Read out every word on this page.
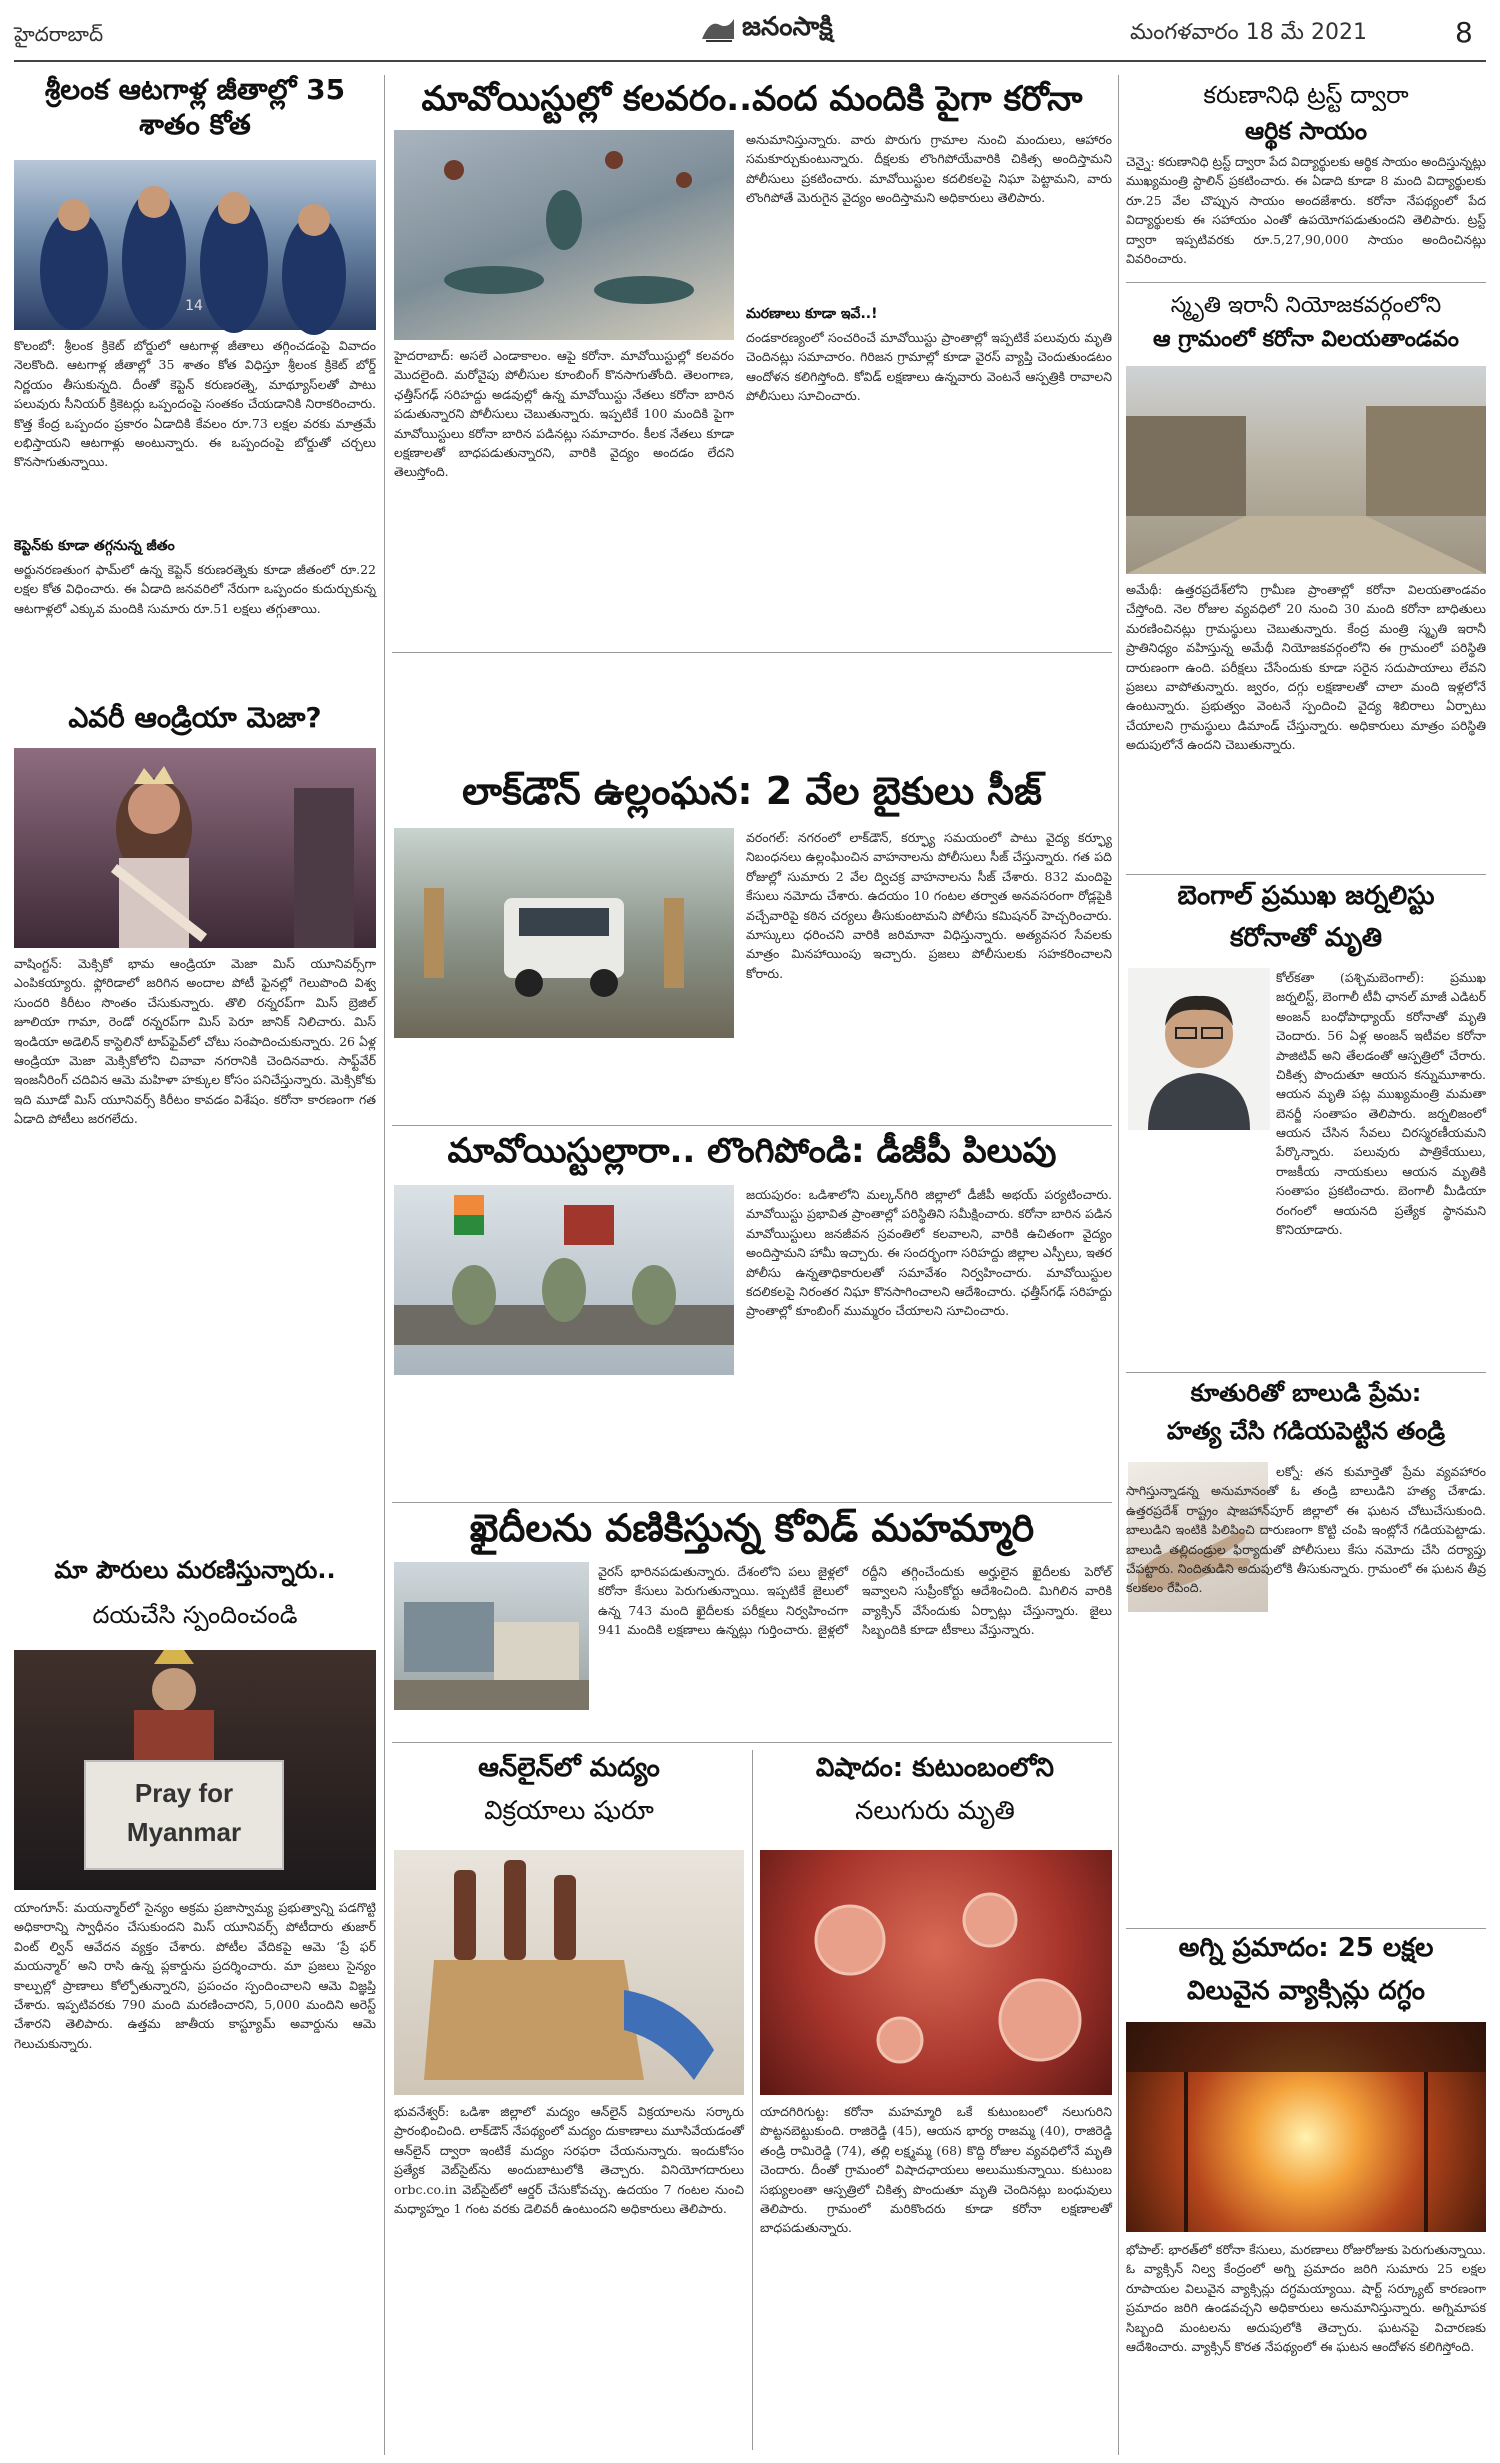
హైదరాబాద్	జనంసాక్షి	మంగళవారం 18 మే 2021	8
శ్రీలంక ఆటగాళ్ల జీతాల్లో 35 శాతం కోత
14
కొలంబో: శ్రీలంక క్రికెట్ బోర్డులో ఆటగాళ్ల జీతాలు తగ్గించడంపై వివాదం నెలకొంది. ఆటగాళ్ల జీతాల్లో 35 శాతం కోత విధిస్తూ శ్రీలంక క్రికెట్ బోర్డ్ నిర్ణయం తీసుకున్నది. దీంతో కెప్టెన్ కరుణరత్నె, మాథ్యూస్‌లతో పాటు పలువురు సీనియర్ క్రికెటర్లు ఒప్పందంపై సంతకం చేయడానికి నిరాకరించారు. కొత్త కేంద్ర ఒప్పందం ప్రకారం ఏడాదికి కేవలం రూ.73 లక్షల వరకు మాత్రమే లభిస్తాయని ఆటగాళ్లు అంటున్నారు. ఈ ఒప్పందంపై బోర్డుతో చర్చలు కొనసాగుతున్నాయి.
కెప్టెన్‌కు కూడా తగ్గనున్న జీతం
అర్జునరణతుంగ ఫామ్‌లో ఉన్న కెప్టెన్ కరుణరత్నెకు కూడా జీతంలో రూ.22 లక్షల కోత విధించారు. ఈ ఏడాది జనవరిలో నేరుగా ఒప్పందం కుదుర్చుకున్న ఆటగాళ్లలో ఎక్కువ మందికి సుమారు రూ.51 లక్షలు తగ్గుతాయి.
ఎవరీ ఆండ్రియా మెజా?
వాషింగ్టన్: మెక్సికో భామ ఆండ్రియా మెజా మిస్ యూనివర్స్‌గా ఎంపికయ్యారు. ఫ్లోరిడాలో జరిగిన అందాల పోటీ ఫైనల్లో గెలుపొంది విశ్వ సుందరి కిరీటం సొంతం చేసుకున్నారు. తొలి రన్నరప్‌గా మిస్ బ్రెజిల్ జూలియా గామా, రెండో రన్నరప్‌గా మిస్ పెరూ జానిక్ నిలిచారు. మిస్ ఇండియా అడెలిన్ కాస్టెలినో టాప్‌ఫైవ్‌లో చోటు సంపాదించుకున్నారు. 26 ఏళ్ల ఆండ్రియా మెజా మెక్సికోలోని చివావా నగరానికి చెందినవారు. సాఫ్ట్‌వేర్ ఇంజనీరింగ్ చదివిన ఆమె మహిళా హక్కుల కోసం పనిచేస్తున్నారు. మెక్సికోకు ఇది మూడో మిస్ యూనివర్స్ కిరీటం కావడం విశేషం. కరోనా కారణంగా గత ఏడాది పోటీలు జరగలేదు.
మా పౌరులు మరణిస్తున్నారు..
దయచేసి స్పందించండి
Pray for Myanmar
యాంగూన్: మయన్మార్‌లో సైన్యం అక్రమ ప్రజాస్వామ్య ప్రభుత్వాన్ని పడగొట్టి అధికారాన్ని స్వాధీనం చేసుకుందని మిస్ యూనివర్స్ పోటీదారు తుజార్ వింట్ ల్విన్ ఆవేదన వ్యక్తం చేశారు. పోటీల వేదికపై ఆమె ‘ప్రే ఫర్ మయన్మార్’ అని రాసి ఉన్న ప్లకార్డును ప్రదర్శించారు. మా ప్రజలు సైన్యం కాల్పుల్లో ప్రాణాలు కోల్పోతున్నారని, ప్రపంచం స్పందించాలని ఆమె విజ్ఞప్తి చేశారు. ఇప్పటివరకు 790 మంది మరణించారని, 5,000 మందిని అరెస్ట్ చేశారని తెలిపారు. ఉత్తమ జాతీయ కాస్ట్యూమ్ అవార్డును ఆమె గెలుచుకున్నారు.
మావోయిస్టుల్లో కలవరం..వంద మందికి పైగా కరోనా
హైదరాబాద్: అసలే ఎండాకాలం. ఆపై కరోనా. మావోయిస్టుల్లో కలవరం మొదలైంది. మరోవైపు పోలీసుల కూంబింగ్ కొనసాగుతోంది. తెలంగాణ, ఛత్తీస్‌గఢ్ సరిహద్దు అడవుల్లో ఉన్న మావోయిస్టు నేతలు కరోనా బారిన పడుతున్నారని పోలీసులు చెబుతున్నారు. ఇప్పటికే 100 మందికి పైగా మావోయిస్టులు కరోనా బారిన పడినట్లు సమాచారం. కీలక నేతలు కూడా లక్షణాలతో బాధపడుతున్నారని, వారికి వైద్యం అందడం లేదని తెలుస్తోంది.
అనుమానిస్తున్నారు. వారు పొరుగు గ్రామాల నుంచి మందులు, ఆహారం సమకూర్చుకుంటున్నారు. దీక్షలకు లొంగిపోయేవారికి చికిత్స అందిస్తామని పోలీసులు ప్రకటించారు. మావోయిస్టుల కదలికలపై నిఘా పెట్టామని, వారు లొంగిపోతే మెరుగైన వైద్యం అందిస్తామని అధికారులు తెలిపారు.
మరణాలు కూడా ఇవే..!
దండకారణ్యంలో సంచరించే మావోయిస్టు ప్రాంతాల్లో ఇప్పటికే పలువురు మృతి చెందినట్లు సమాచారం. గిరిజన గ్రామాల్లో కూడా వైరస్ వ్యాప్తి చెందుతుండటం ఆందోళన కలిగిస్తోంది. కోవిడ్ లక్షణాలు ఉన్నవారు వెంటనే ఆస్పత్రికి రావాలని పోలీసులు సూచించారు.
లాక్‌డౌన్ ఉల్లంఘన: 2 వేల బైకులు సీజ్
వరంగల్: నగరంలో లాక్‌డౌన్, కర్ఫ్యూ సమయంలో పాటు వైద్య కర్ఫ్యూ నిబంధనలు ఉల్లంఘించిన వాహనాలను పోలీసులు సీజ్ చేస్తున్నారు. గత పది రోజుల్లో సుమారు 2 వేల ద్విచక్ర వాహనాలను సీజ్ చేశారు. 832 మందిపై కేసులు నమోదు చేశారు. ఉదయం 10 గంటల తర్వాత అనవసరంగా రోడ్లపైకి వచ్చేవారిపై కఠిన చర్యలు తీసుకుంటామని పోలీసు కమిషనర్ హెచ్చరించారు. మాస్కులు ధరించని వారికి జరిమానా విధిస్తున్నారు. అత్యవసర సేవలకు మాత్రం మినహాయింపు ఇచ్చారు. ప్రజలు పోలీసులకు సహకరించాలని కోరారు.
మావోయిస్టుల్లారా.. లొంగిపోండి: డీజీపీ పిలుపు
జయపురం: ఒడిశాలోని మల్కన్‌గిరి జిల్లాలో డీజీపీ అభయ్ పర్యటించారు. మావోయిస్టు ప్రభావిత ప్రాంతాల్లో పరిస్థితిని సమీక్షించారు. కరోనా బారిన పడిన మావోయిస్టులు జనజీవన స్రవంతిలో కలవాలని, వారికి ఉచితంగా వైద్యం అందిస్తామని హామీ ఇచ్చారు. ఈ సందర్భంగా సరిహద్దు జిల్లాల ఎస్పీలు, ఇతర పోలీసు ఉన్నతాధికారులతో సమావేశం నిర్వహించారు. మావోయిస్టుల కదలికలపై నిరంతర నిఘా కొనసాగించాలని ఆదేశించారు. ఛత్తీస్‌గఢ్ సరిహద్దు ప్రాంతాల్లో కూంబింగ్ ముమ్మరం చేయాలని సూచించారు.
ఖైదీలను వణికిస్తున్న కోవిడ్ మహమ్మారి
వైరస్ భారినపడుతున్నారు. దేశంలోని పలు జైళ్లలో కరోనా కేసులు పెరుగుతున్నాయి. ఇప్పటికే జైలులో ఉన్న 743 మంది ఖైదీలకు పరీక్షలు నిర్వహించగా 941 మందికి లక్షణాలు ఉన్నట్లు గుర్తించారు. జైళ్లలో రద్దీని తగ్గించేందుకు అర్హులైన ఖైదీలకు పెరోల్ ఇవ్వాలని సుప్రీంకోర్టు ఆదేశించింది. మిగిలిన వారికి వ్యాక్సిన్ వేసేందుకు ఏర్పాట్లు చేస్తున్నారు. జైలు సిబ్బందికి కూడా టీకాలు వేస్తున్నారు.
ఆన్‌లైన్‌లో మద్యం
విక్రయాలు షురూ
భువనేశ్వర్: ఒడిశా జిల్లాలో మద్యం ఆన్‌లైన్ విక్రయాలను సర్కారు ప్రారంభించింది. లాక్‌డౌన్ నేపథ్యంలో మద్యం దుకాణాలు మూసివేయడంతో ఆన్‌లైన్ ద్వారా ఇంటికే మద్యం సరఫరా చేయనున్నారు. ఇందుకోసం ప్రత్యేక వెబ్‌సైట్‌ను అందుబాటులోకి తెచ్చారు. వినియోగదారులు orbc.co.in వెబ్‌సైట్‌లో ఆర్డర్ చేసుకోవచ్చు. ఉదయం 7 గంటల నుంచి మధ్యాహ్నం 1 గంట వరకు డెలివరీ ఉంటుందని అధికారులు తెలిపారు.
విషాదం: కుటుంబంలోని
నలుగురు మృతి
యాదగిరిగుట్ట: కరోనా మహమ్మారి ఒకే కుటుంబంలో నలుగురిని పొట్టనబెట్టుకుంది. రాజిరెడ్డి (45), ఆయన భార్య రాజమ్మ (40), రాజిరెడ్డి తండ్రి రామిరెడ్డి (74), తల్లి లక్ష్మమ్మ (68) కొద్ది రోజుల వ్యవధిలోనే మృతి చెందారు. దీంతో గ్రామంలో విషాదఛాయలు అలుముకున్నాయి. కుటుంబ సభ్యులంతా ఆస్పత్రిలో చికిత్స పొందుతూ మృతి చెందినట్లు బంధువులు తెలిపారు. గ్రామంలో మరికొందరు కూడా కరోనా లక్షణాలతో బాధపడుతున్నారు.
కరుణానిధి ట్రస్ట్ ద్వారా
ఆర్థిక సాయం
చెన్నై: కరుణానిధి ట్రస్ట్ ద్వారా పేద విద్యార్థులకు ఆర్థిక సాయం అందిస్తున్నట్లు ముఖ్యమంత్రి స్టాలిన్ ప్రకటించారు. ఈ ఏడాది కూడా 8 మంది విద్యార్థులకు రూ.25 వేల చొప్పున సాయం అందజేశారు. కరోనా నేపథ్యంలో పేద విద్యార్థులకు ఈ సహాయం ఎంతో ఉపయోగపడుతుందని తెలిపారు. ట్రస్ట్ ద్వారా ఇప్పటివరకు రూ.5,27,90,000 సాయం అందించినట్లు వివరించారు.
స్మృతి ఇరానీ నియోజకవర్గంలోని
ఆ గ్రామంలో కరోనా విలయతాండవం
అమేథీ: ఉత్తరప్రదేశ్‌లోని గ్రామీణ ప్రాంతాల్లో కరోనా విలయతాండవం చేస్తోంది. నెల రోజుల వ్యవధిలో 20 నుంచి 30 మంది కరోనా బాధితులు మరణించినట్లు గ్రామస్థులు చెబుతున్నారు. కేంద్ర మంత్రి స్మృతి ఇరానీ ప్రాతినిధ్యం వహిస్తున్న అమేథీ నియోజకవర్గంలోని ఈ గ్రామంలో పరిస్థితి దారుణంగా ఉంది. పరీక్షలు చేసేందుకు కూడా సరైన సదుపాయాలు లేవని ప్రజలు వాపోతున్నారు. జ్వరం, దగ్గు లక్షణాలతో చాలా మంది ఇళ్లలోనే ఉంటున్నారు. ప్రభుత్వం వెంటనే స్పందించి వైద్య శిబిరాలు ఏర్పాటు చేయాలని గ్రామస్థులు డిమాండ్ చేస్తున్నారు. అధికారులు మాత్రం పరిస్థితి అదుపులోనే ఉందని చెబుతున్నారు.
బెంగాల్ ప్రముఖ జర్నలిస్టు
కరోనాతో మృతి
కోల్‌కతా (పశ్చిమబెంగాల్): ప్రముఖ జర్నలిస్ట్, బెంగాలీ టీవీ ఛానల్ మాజీ ఎడిటర్ అంజన్ బంధోపాధ్యాయ్ కరోనాతో మృతి చెందారు. 56 ఏళ్ల అంజన్ ఇటీవల కరోనా పాజిటివ్ అని తేలడంతో ఆస్పత్రిలో చేరారు. చికిత్స పొందుతూ ఆయన కన్నుమూశారు. ఆయన మృతి పట్ల ముఖ్యమంత్రి మమతా బెనర్జీ సంతాపం తెలిపారు. జర్నలిజంలో ఆయన చేసిన సేవలు చిరస్మరణీయమని పేర్కొన్నారు. పలువురు పాత్రికేయులు, రాజకీయ నాయకులు ఆయన మృతికి సంతాపం ప్రకటించారు. బెంగాలీ మీడియా రంగంలో ఆయనది ప్రత్యేక స్థానమని కొనియాడారు.
కూతురితో బాలుడి ప్రేమ:
హత్య చేసి గడియపెట్టిన తండ్రి
లక్నో: తన కుమార్తెతో ప్రేమ వ్యవహారం సాగిస్తున్నాడన్న అనుమానంతో ఓ తండ్రి బాలుడిని హత్య చేశాడు. ఉత్తరప్రదేశ్ రాష్ట్రం షాజహాన్‌పూర్ జిల్లాలో ఈ ఘటన చోటుచేసుకుంది. బాలుడిని ఇంటికి పిలిపించి దారుణంగా కొట్టి చంపి ఇంట్లోనే గడియపెట్టాడు. బాలుడి తల్లిదండ్రుల ఫిర్యాదుతో పోలీసులు కేసు నమోదు చేసి దర్యాప్తు చేపట్టారు. నిందితుడిని అదుపులోకి తీసుకున్నారు. గ్రామంలో ఈ ఘటన తీవ్ర కలకలం రేపింది.
అగ్ని ప్రమాదం: 25 లక్షల
విలువైన వ్యాక్సిన్లు దగ్ధం
భోపాల్: భారత్‌లో కరోనా కేసులు, మరణాలు రోజురోజుకు పెరుగుతున్నాయి. ఓ వ్యాక్సిన్ నిల్వ కేంద్రంలో అగ్ని ప్రమాదం జరిగి సుమారు 25 లక్షల రూపాయల విలువైన వ్యాక్సిన్లు దగ్ధమయ్యాయి. షార్ట్ సర్క్యూట్ కారణంగా ప్రమాదం జరిగి ఉండవచ్చని అధికారులు అనుమానిస్తున్నారు. అగ్నిమాపక సిబ్బంది మంటలను అదుపులోకి తెచ్చారు. ఘటనపై విచారణకు ఆదేశించారు. వ్యాక్సిన్ కొరత నేపథ్యంలో ఈ ఘటన ఆందోళన కలిగిస్తోంది.
